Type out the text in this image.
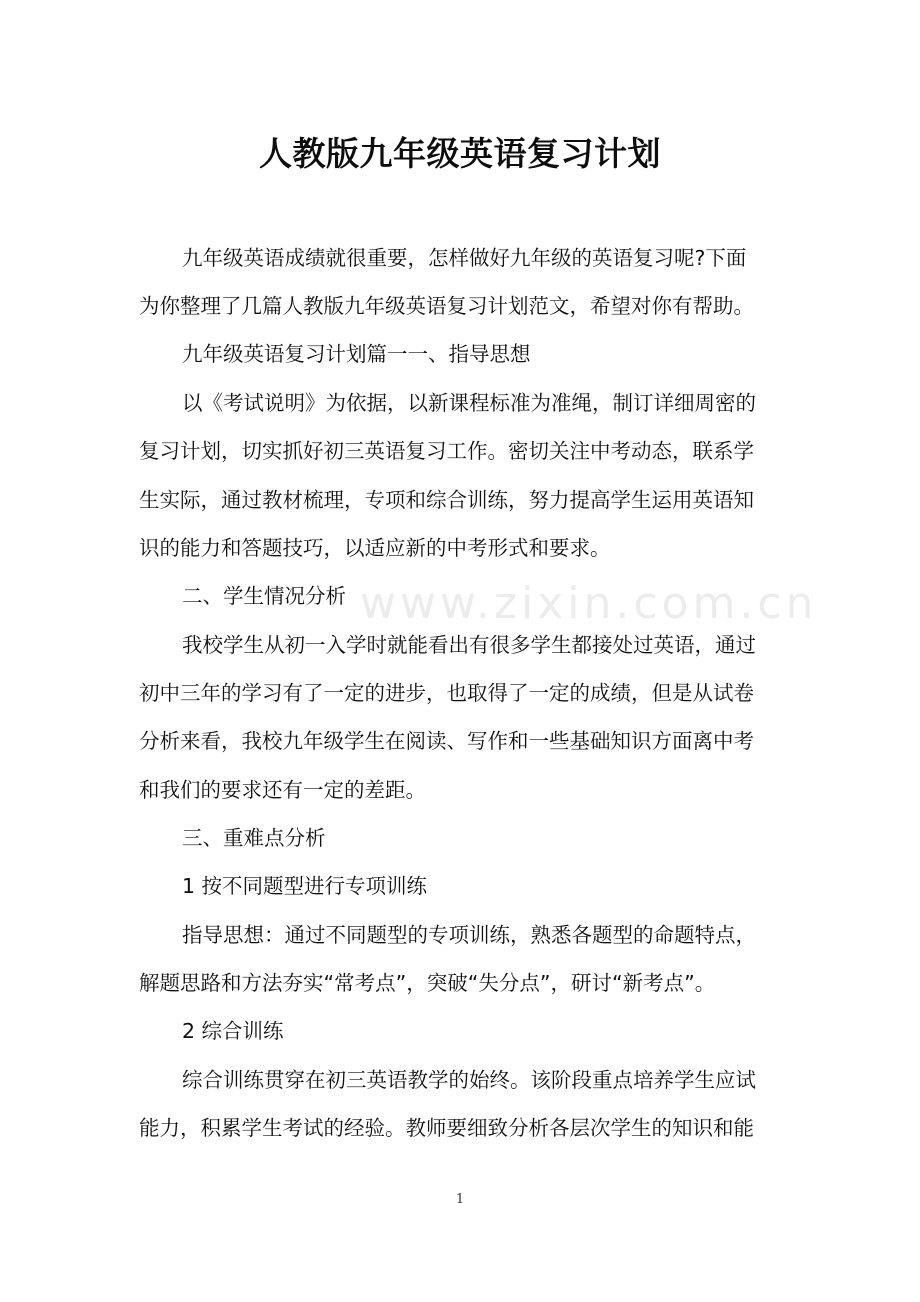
www.zixin.com.cn
人教版九年级英语复习计划
九年级英语成绩就很重要，怎样做好九年级的英语复习呢?下面
为你整理了几篇人教版九年级英语复习计划范文，希望对你有帮助。
九年级英语复习计划篇一一、指导思想
以《考试说明》为依据，以新课程标准为准绳，制订详细周密的
复习计划，切实抓好初三英语复习工作。密切关注中考动态，联系学
生实际，通过教材梳理，专项和综合训练，努力提高学生运用英语知
识的能力和答题技巧，以适应新的中考形式和要求。
二、学生情况分析
我校学生从初一入学时就能看出有很多学生都接处过英语，通过
初中三年的学习有了一定的进步，也取得了一定的成绩，但是从试卷
分析来看，我校九年级学生在阅读、写作和一些基础知识方面离中考
和我们的要求还有一定的差距。
三、重难点分析
1 按不同题型进行专项训练
指导思想：通过不同题型的专项训练，熟悉各题型的命题特点，
解题思路和方法夯实“常考点”，突破“失分点”，研讨“新考点”。
2 综合训练
综合训练贯穿在初三英语教学的始终。该阶段重点培养学生应试
能力，积累学生考试的经验。教师要细致分析各层次学生的知识和能
1
